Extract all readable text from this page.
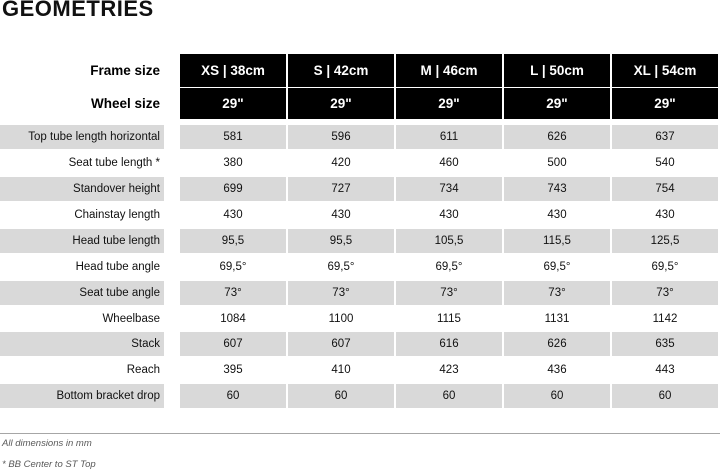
GEOMETRIES
Frame size	XS | 38cm	S | 42cm	M | 46cm	L | 50cm	XL | 54cm
Wheel size	29"	29"	29"	29"	29"
Top tube length horizontal	581	596	611	626	637
Seat tube length *	380	420	460	500	540
Standover height	699	727	734	743	754
Chainstay length	430	430	430	430	430
Head tube length	95,5	95,5	105,5	115,5	125,5
Head tube angle	69,5°	69,5°	69,5°	69,5°	69,5°
Seat tube angle	73°	73°	73°	73°	73°
Wheelbase	1084	1100	1115	1131	1142
Stack	607	607	616	626	635
Reach	395	410	423	436	443
Bottom bracket drop	60	60	60	60	60
All dimensions in mm
* BB Center to ST Top
